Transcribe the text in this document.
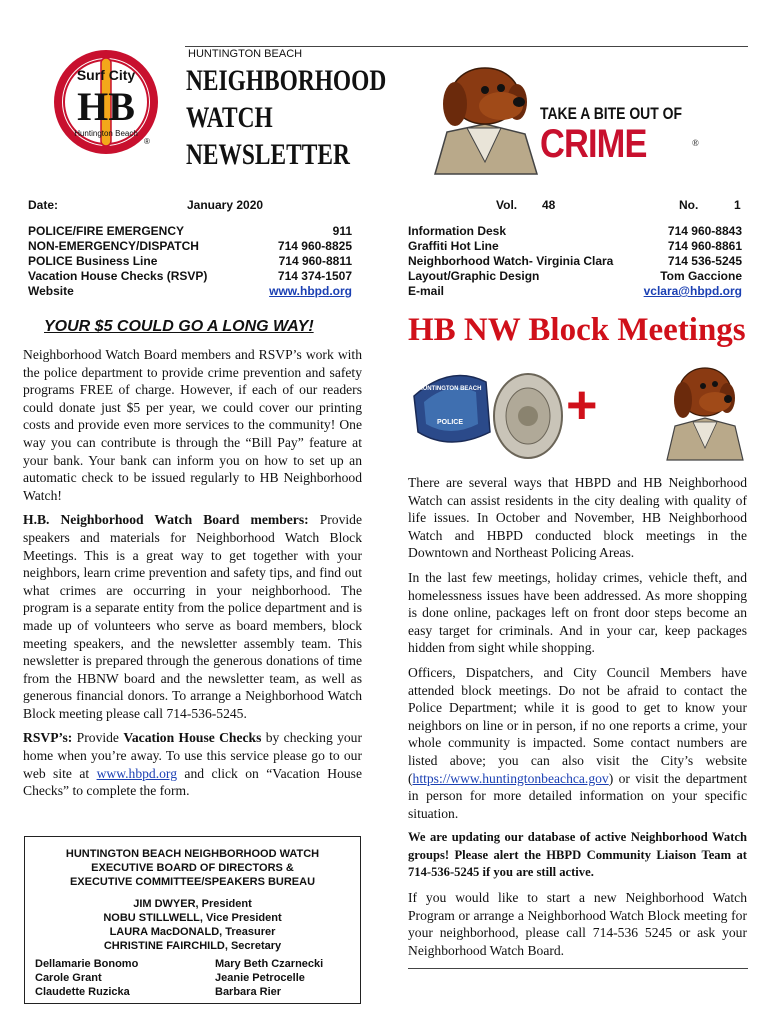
HUNTINGTON BEACH
Surf City
HB
Huntington Beach
®
NEIGHBORHOOD
WATCH
NEWSLETTER
TAKE A BITE OUT OF
CRIME	®
Date:	January 2020	Vol. 48	No.	1
POLICE/FIRE EMERGENCY	911
NON-EMERGENCY/DISPATCH	714 960-8825
POLICE Business Line	714 960-8811
Vacation House Checks (RSVP)	714 374-1507
Website	www.hbpd.org
Information Desk	714 960-8843
Graffiti Hot Line	714 960-8861
Neighborhood Watch- Virginia Clara	714 536-5245
Layout/Graphic Design	Tom Gaccione
E-mail	vclara@hbpd.org
YOUR $5 COULD GO A LONG WAY!

Neighborhood Watch Board members and RSVP’s work with the police department to provide crime prevention and safety programs FREE of charge. However, if each of our readers could donate just $5 per year, we could cover our printing costs and provide even more services to the community! One way you can contribute is through the “Bill Pay” feature at your bank. Your bank can inform you on how to set up an automatic check to be issued regularly to HB Neighborhood Watch!

H.B. Neighborhood Watch Board members: Provide speakers and materials for Neighborhood Watch Block Meetings. This is a great way to get together with your neighbors, learn crime prevention and safety tips, and find out what crimes are occurring in your neighborhood. The program is a separate entity from the police department and is made up of volunteers who serve as board members, block meeting speakers, and the newsletter assembly team. This newsletter is prepared through the generous donations of time from the HBNW board and the newsletter team, as well as generous financial donors. To arrange a Neighborhood Watch Block meeting please call 714-536-5245.

RSVP’s: Provide Vacation House Checks by checking your home when you’re away. To use this service please go to our web site at www.hbpd.org and click on “Vacation House Checks” to complete the form.

HUNTINGTON BEACH NEIGHBORHOOD WATCH
EXECUTIVE BOARD OF DIRECTORS &
EXECUTIVE COMMITTEE/SPEAKERS BUREAU
JIM DWYER, President
NOBU STILLWELL, Vice President
LAURA MacDONALD, Treasurer
CHRISTINE FAIRCHILD, Secretary
Dellamarie Bonomo
Carole Grant
Claudette Ruzicka
Mary Beth Czarnecki
Jeanie Petrocelle
Barbara Rier
HB NW Block Meetings
POLICE
HUNTINGTON BEACH +

There are several ways that HBPD and HB Neighborhood Watch can assist residents in the city dealing with quality of life issues. In October and November, HB Neighborhood Watch and HBPD conducted block meetings in the Downtown and Northeast Policing Areas.

In the last few meetings, holiday crimes, vehicle theft, and homelessness issues have been addressed. As more shopping is done online, packages left on front door steps become an easy target for criminals. And in your car, keep packages hidden from sight while shopping.

Officers, Dispatchers, and City Council Members have attended block meetings. Do not be afraid to contact the Police Department; while it is good to get to know your neighbors on line or in person, if no one reports a crime, your whole community is impacted. Some contact numbers are listed above; you can also visit the City’s website (https://www.huntingtonbeachca.gov) or visit the department in person for more detailed information on your specific situation.

We are updating our database of active Neighborhood Watch groups! Please alert the HBPD Community Liaison Team at 714-536-5245 if you are still active.

If you would like to start a new Neighborhood Watch Program or arrange a Neighborhood Watch Block meeting for your neighborhood, please call 714-536 5245 or ask your Neighborhood Watch Board.
